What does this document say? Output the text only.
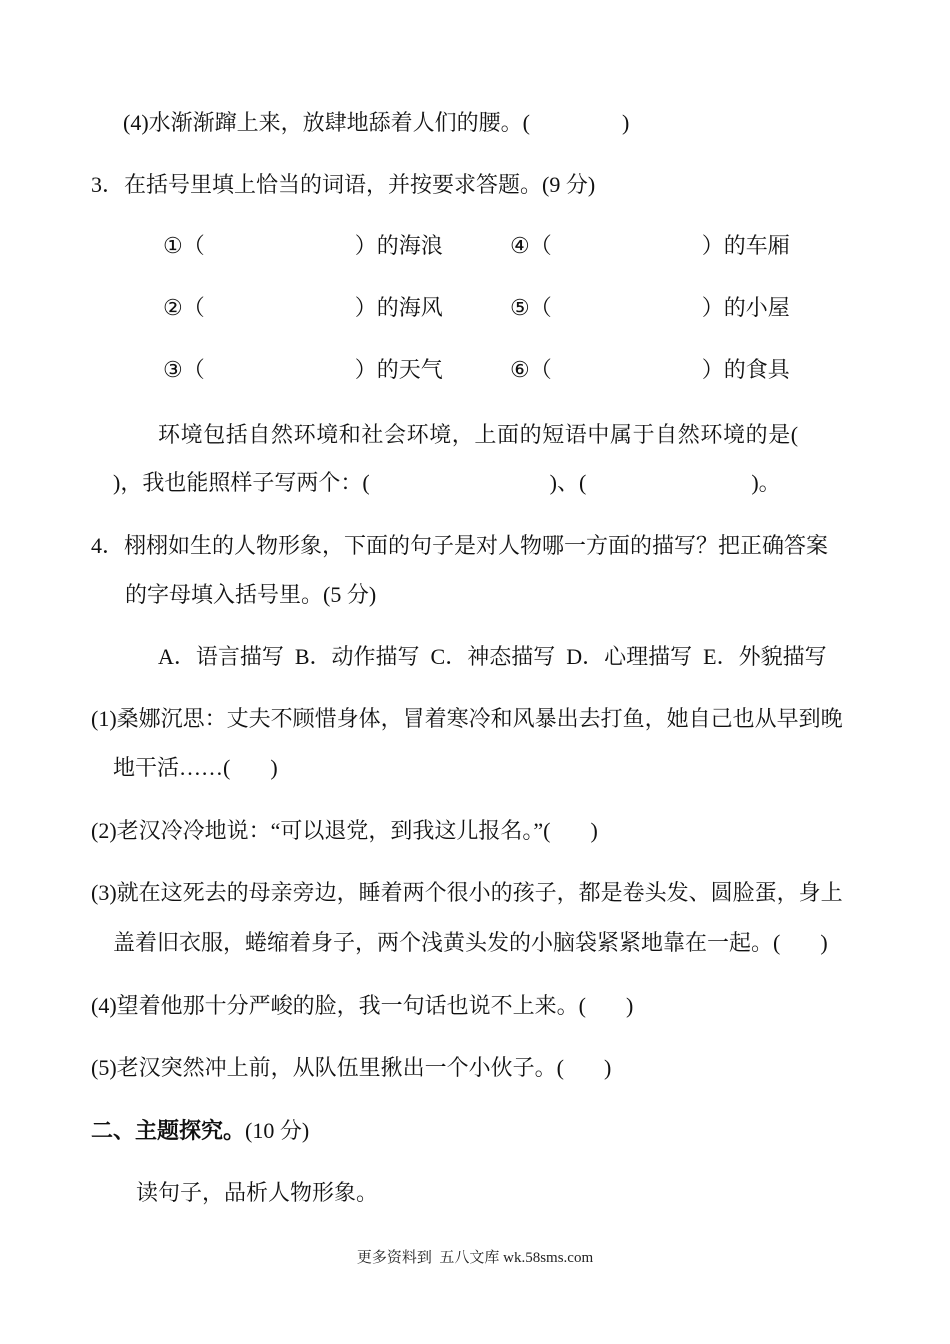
(4)水渐渐蹿上来，放肆地舔着人们的腰。(	)
3．在括号里填上恰当的词语，并按要求答题。(9 分)
①（	）的海浪	④（	）的车厢
②（	）的海风	⑤（	）的小屋
③（	）的天气	⑥（	）的食具
环境包括自然环境和社会环境，上面的短语中属于自然环境的是(
)，我也能照样子写两个：(	)、(	)。
4．栩栩如生的人物形象，下面的句子是对人物哪一方面的描写？把正确答案
的字母填入括号里。(5 分)
A．语言描写  B．动作描写  C．神态描写  D．心理描写  E．外貌描写
(1)桑娜沉思：丈夫不顾惜身体，冒着寒冷和风暴出去打鱼，她自己也从早到晚
地干活……( )
(2)老汉冷冷地说：“可以退党，到我这儿报名。”( )
(3)就在这死去的母亲旁边，睡着两个很小的孩子，都是卷头发、圆脸蛋，身上
盖着旧衣服，蜷缩着身子，两个浅黄头发的小脑袋紧紧地靠在一起。( )
(4)望着他那十分严峻的脸，我一句话也说不上来。( )
(5)老汉突然冲上前，从队伍里揪出一个小伙子。( )
二、主题探究。(10 分)
读句子，品析人物形象。
更多资料到  五八文库 wk.58sms.com
